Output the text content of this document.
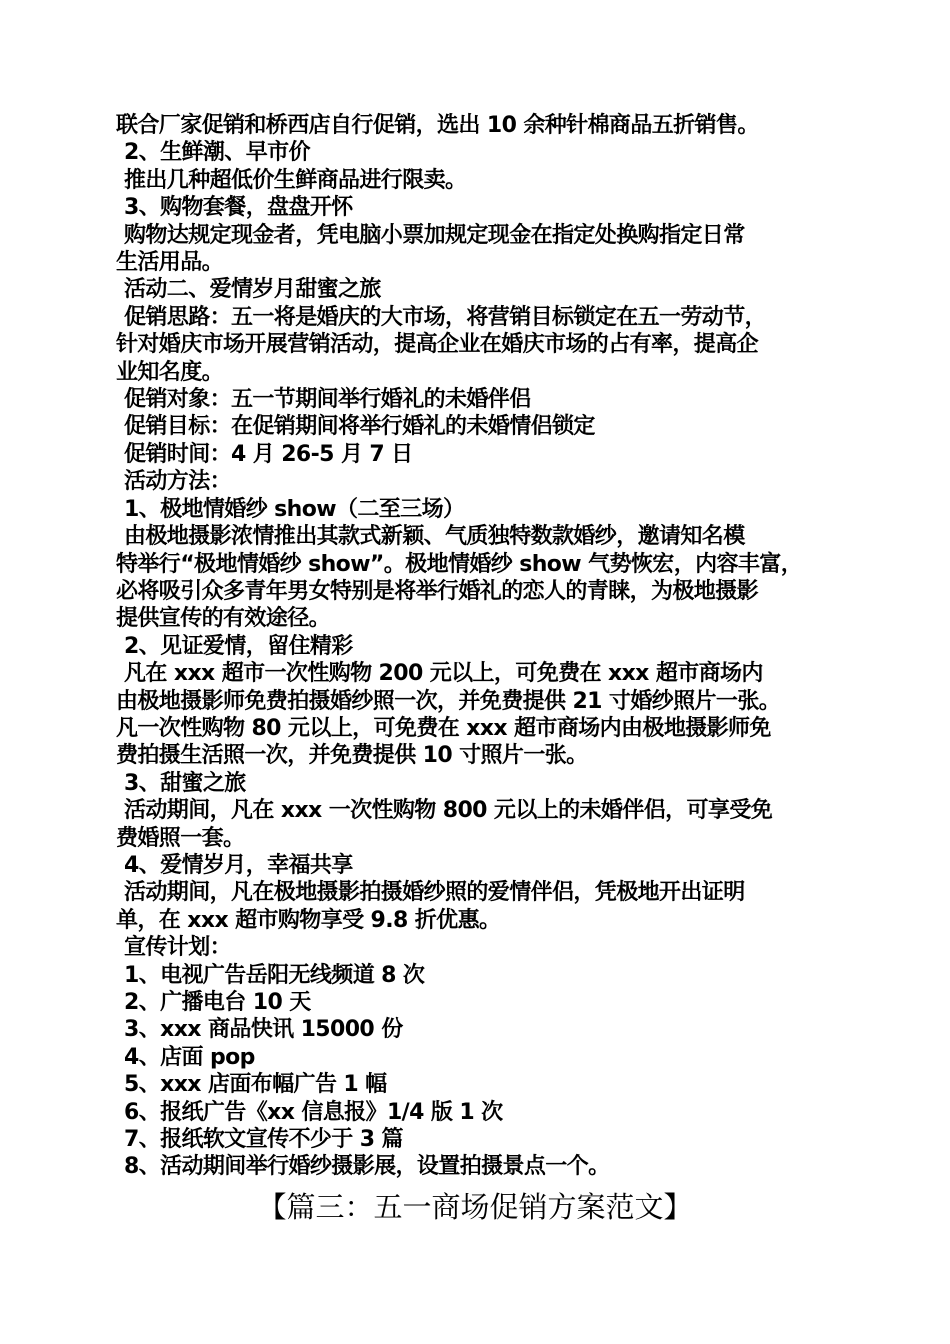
联合厂家促销和桥西店自行促销，选出 10 余种针棉商品五折销售。
2、生鲜潮、早市价
推出几种超低价生鲜商品进行限卖。
3、购物套餐，盘盘开怀
购物达规定现金者，凭电脑小票加规定现金在指定处换购指定日常
生活用品。
活动二、爱情岁月甜蜜之旅
促销思路：五一将是婚庆的大市场，将营销目标锁定在五一劳动节，
针对婚庆市场开展营销活动，提高企业在婚庆市场的占有率，提高企
业知名度。
促销对象：五一节期间举行婚礼的未婚伴侣
促销目标：在促销期间将举行婚礼的未婚情侣锁定
促销时间：4 月 26-5 月 7 日
活动方法：
1、极地情婚纱 show（二至三场）
由极地摄影浓情推出其款式新颖、气质独特数款婚纱，邀请知名模
特举行“极地情婚纱 show”。极地情婚纱 show 气势恢宏，内容丰富，
必将吸引众多青年男女特别是将举行婚礼的恋人的青睐，为极地摄影
提供宣传的有效途径。
2、见证爱情，留住精彩
凡在 xxx 超市一次性购物 200 元以上，可免费在 xxx 超市商场内
由极地摄影师免费拍摄婚纱照一次，并免费提供 21 寸婚纱照片一张。
凡一次性购物 80 元以上，可免费在 xxx 超市商场内由极地摄影师免
费拍摄生活照一次，并免费提供 10 寸照片一张。
3、甜蜜之旅
活动期间，凡在 xxx 一次性购物 800 元以上的未婚伴侣，可享受免
费婚照一套。
4、爱情岁月，幸福共享
活动期间，凡在极地摄影拍摄婚纱照的爱情伴侣，凭极地开出证明
单，在 xxx 超市购物享受 9.8 折优惠。
宣传计划：
1、电视广告岳阳无线频道 8 次
2、广播电台 10 天
3、xxx 商品快讯 15000 份
4、店面 pop
5、xxx 店面布幅广告 1 幅
6、报纸广告《xx 信息报》1/4 版 1 次
7、报纸软文宣传不少于 3 篇
8、活动期间举行婚纱摄影展，设置拍摄景点一个。
【篇三：五一商场促销方案范文】
